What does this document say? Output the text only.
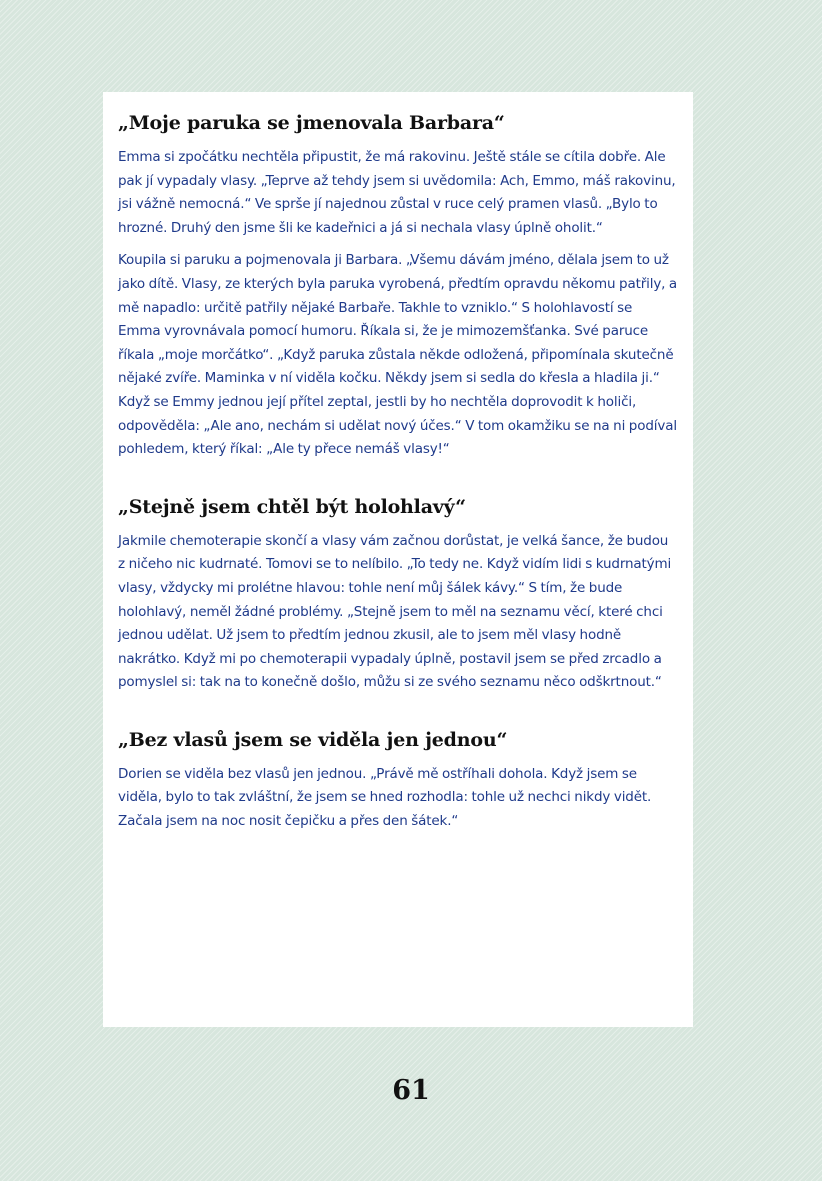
„Moje paruka se jmenovala Barbara“

Emma si zpočátku nechtěla připustit, že má rakovinu. Ještě stále se cítila dobře. Ale pak jí vypadaly vlasy. „Teprve až tehdy jsem si uvědomila: Ach, Emmo, máš rakovinu, jsi vážně nemocná.“ Ve sprše jí najednou zůstal v ruce celý pramen vlasů. „Bylo to hrozné. Druhý den jsme šli ke kadeřnici a já si nechala vlasy úplně oholit.“

Koupila si paruku a pojmenovala ji Barbara. „Všemu dávám jméno, dělala jsem to už jako dítě. Vlasy, ze kterých byla paruka vyrobená, předtím opravdu někomu patřily, a mě napadlo: určitě patřily nějaké Barbaře. Takhle to vzniklo.“ S holohlavostí se Emma vyrovnávala pomocí humoru. Říkala si, že je mimozemšťanka. Své paruce říkala „moje morčátko“. „Když paruka zůstala někde odložená, připomínala skutečně nějaké zvíře. Maminka v ní viděla kočku. Někdy jsem si sedla do křesla a hladila ji.“ Když se Emmy jednou její přítel zeptal, jestli by ho nechtěla doprovodit k holiči, odpověděla: „Ale ano, nechám si udělat nový účes.“ V tom okamžiku se na ni podíval pohledem, který říkal: „Ale ty přece nemáš vlasy!“

„Stejně jsem chtěl být holohlavý“

Jakmile chemoterapie skončí a vlasy vám začnou dorůstat, je velká šance, že budou z ničeho nic kudrnaté. Tomovi se to nelíbilo. „To tedy ne. Když vidím lidi s kudrnatými vlasy, vždycky mi prolétne hlavou: tohle není můj šálek kávy.“ S tím, že bude holohlavý, neměl žádné problémy. „Stejně jsem to měl na seznamu věcí, které chci jednou udělat. Už jsem to předtím jednou zkusil, ale to jsem měl vlasy hodně nakrátko. Když mi po chemoterapii vypadaly úplně, postavil jsem se před zrcadlo a pomyslel si: tak na to konečně došlo, můžu si ze svého seznamu něco odškrtnout.“

„Bez vlasů jsem se viděla jen jednou“

Dorien se viděla bez vlasů jen jednou. „Právě mě ostříhali dohola. Když jsem se viděla, bylo to tak zvláštní, že jsem se hned rozhodla: tohle už nechci nikdy vidět. Začala jsem na noc nosit čepičku a přes den šátek.“

61
